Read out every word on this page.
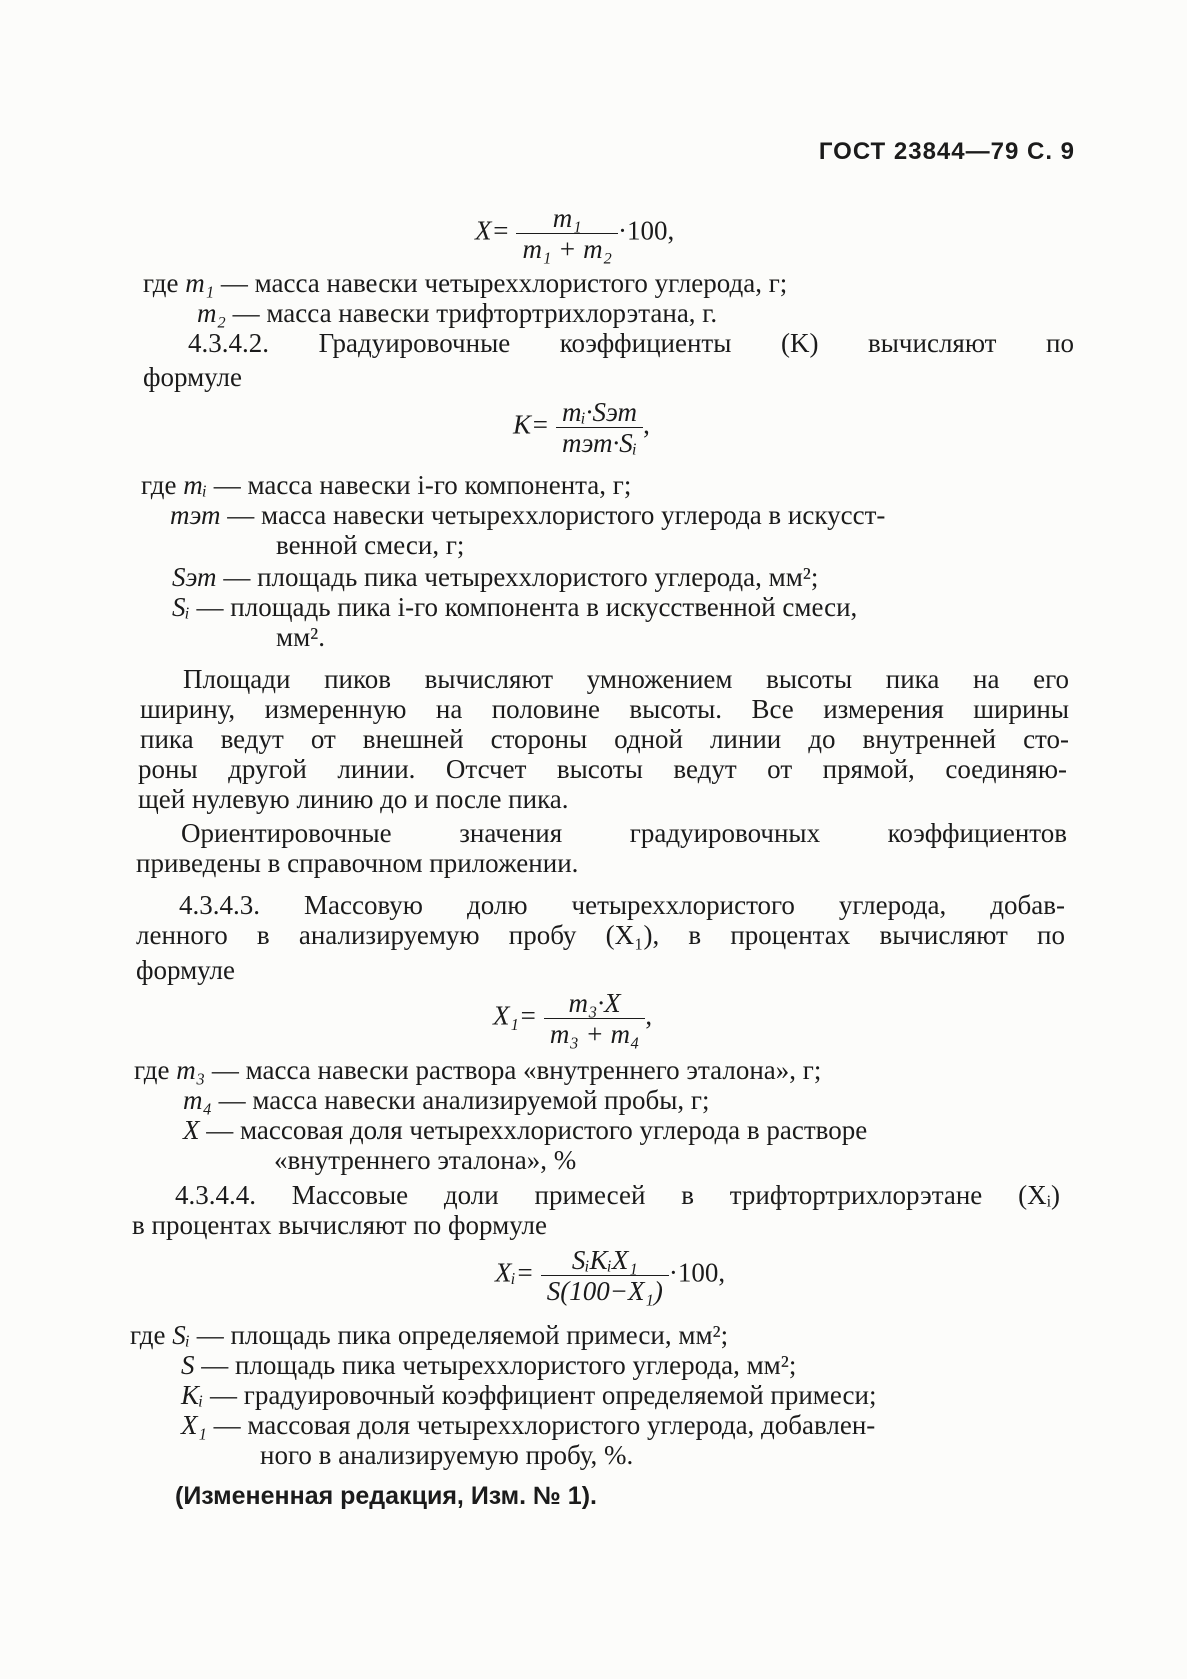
ГОСТ 23844—79 С. 9
$X= \frac{\text{m₁}}{\text{m₁ + m₂}} \cdot 100$,
где m₁ — масса навески четыреххлористого углерода, г;
m₂ — масса навески трифтортрихлорэтана, г.
4.3.4.2. Градуировочные коэффициенты (K) вычисляют по
формуле
$K= \frac{\text{mᵢ·Sэт}}{\text{mэт·Sᵢ}}$ ,
где mᵢ — масса навески i-го компонента, г;
mэт — масса навески четыреххлористого углерода в искусст-
венной смеси, г;
Sэт — площадь пика четыреххлористого углерода, мм²;
Sᵢ — площадь пика i-го компонента в искусственной смеси,
мм².
Площади пиков вычисляют умножением высоты пика на его
ширину, измеренную на половине высоты. Все измерения ширины
пика ведут от внешней стороны одной линии до внутренней сто-
роны другой линии. Отсчет высоты ведут от прямой, соединяю-
щей нулевую линию до и после пика.
Ориентировочные значения градуировочных коэффициентов
приведены в справочном приложении.
4.3.4.3. Массовую долю четыреххлористого углерода, добав-
ленного в анализируемую пробу (X₁), в процентах вычисляют по
формуле
$X_1= \frac{\text{m₃·X}}{\text{m₃ + m₄}}$ ,
где m₃ — масса навески раствора «внутреннего эталона», г;
m₄ — масса навески анализируемой пробы, г;
X — массовая доля четыреххлористого углерода в растворе
«внутреннего эталона», %
4.3.4.4. Массовые доли примесей в трифтортрихлорэтане (Xᵢ)
в процентах вычисляют по формуле
Xᵢ= $\frac{\text{SᵢKᵢX₁}}{\text{S(100−X₁)}} \cdot 100$,
где Sᵢ — площадь пика определяемой примеси, мм²;
S — площадь пика четыреххлористого углерода, мм²;
Kᵢ — градуировочный коэффициент определяемой примеси;
X₁ — массовая доля четыреххлористого углерода, добавлен-
ного в анализируемую пробу, %.
(Измененная редакция, Изм. № 1).
